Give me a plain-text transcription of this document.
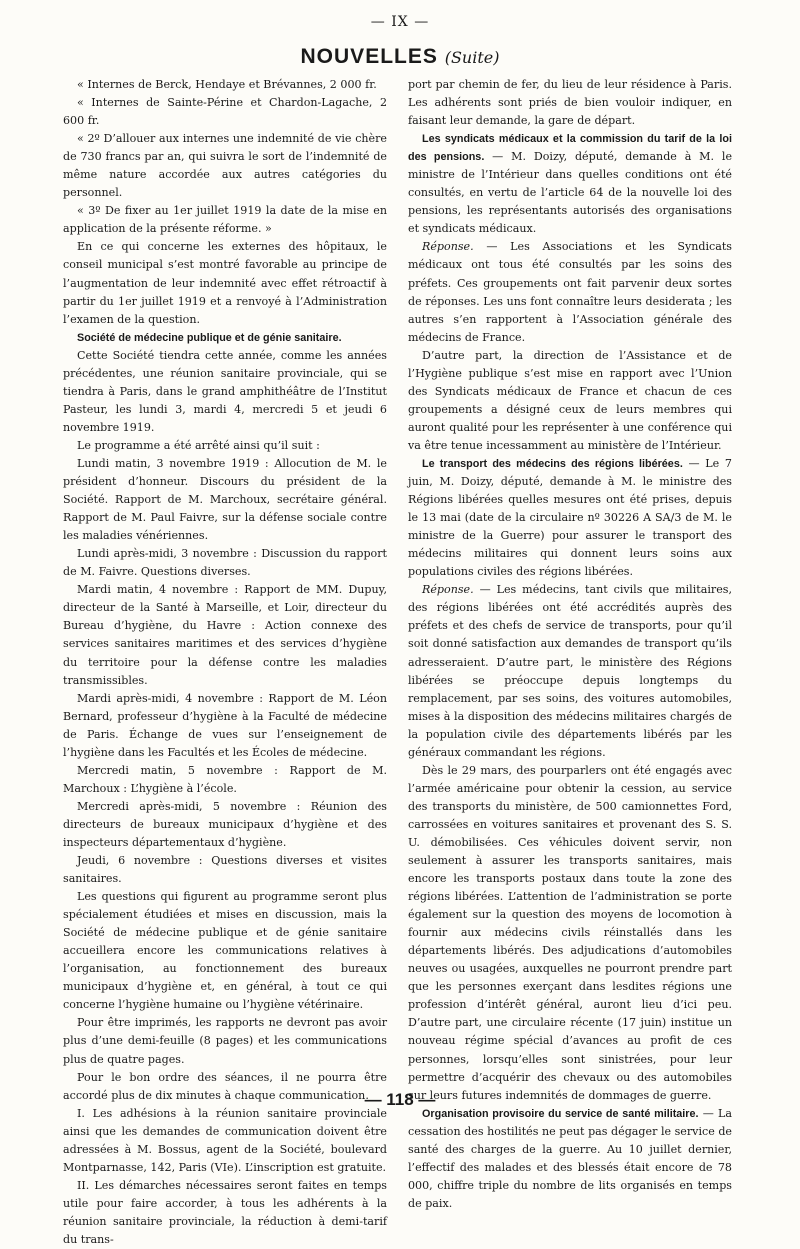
— IX —
NOUVELLES (Suite)

« Internes de Berck, Hendaye et Brévannes, 2 000 fr.

« Internes de Sainte-Périne et Chardon-Lagache, 2 600 fr.

« 2º D’allouer aux internes une indemnité de vie chère de 730 francs par an, qui suivra le sort de l’indemnité de même nature accordée aux autres catégories du personnel.

« 3º De fixer au 1er juillet 1919 la date de la mise en application de la présente réforme. »

En ce qui concerne les externes des hôpitaux, le conseil municipal s’est montré favorable au principe de l’augmentation de leur indemnité avec effet rétroactif à partir du 1er juillet 1919 et a renvoyé à l’Administration l’examen de la question.

Société de médecine publique et de génie sanitaire.

Cette Société tiendra cette année, comme les années précédentes, une réunion sanitaire provinciale, qui se tiendra à Paris, dans le grand amphithéâtre de l’Institut Pasteur, les lundi 3, mardi 4, mercredi 5 et jeudi 6 novembre 1919.

Le programme a été arrêté ainsi qu’il suit :

Lundi matin, 3 novembre 1919 : Allocution de M. le président d’honneur. Discours du président de la Société. Rapport de M. Marchoux, secrétaire général. Rapport de M. Paul Faivre, sur la défense sociale contre les maladies vénériennes.

Lundi après-midi, 3 novembre : Discussion du rapport de M. Faivre. Questions diverses.

Mardi matin, 4 novembre : Rapport de MM. Dupuy, directeur de la Santé à Marseille, et Loir, directeur du Bureau d’hygiène, du Havre : Action connexe des services sanitaires maritimes et des services d’hygiène du territoire pour la défense contre les maladies transmissibles.

Mardi après-midi, 4 novembre : Rapport de M. Léon Bernard, professeur d’hygiène à la Faculté de médecine de Paris. Échange de vues sur l’enseignement de l’hygiène dans les Facultés et les Écoles de médecine.

Mercredi matin, 5 novembre : Rapport de M. Marchoux : L’hygiène à l’école.

Mercredi après-midi, 5 novembre : Réunion des directeurs de bureaux municipaux d’hygiène et des inspecteurs départementaux d’hygiène.

Jeudi, 6 novembre : Questions diverses et visites sanitaires.

Les questions qui figurent au programme seront plus spécialement étudiées et mises en discussion, mais la Société de médecine publique et de génie sanitaire accueillera encore les communications relatives à l’organisation, au fonctionnement des bureaux municipaux d’hygiène et, en général, à tout ce qui concerne l’hygiène humaine ou l’hygiène vétérinaire.

Pour être imprimés, les rapports ne devront pas avoir plus d’une demi-feuille (8 pages) et les communications plus de quatre pages.

Pour le bon ordre des séances, il ne pourra être accordé plus de dix minutes à chaque communication.

I. Les adhésions à la réunion sanitaire provinciale ainsi que les demandes de communication doivent être adressées à M. Bossus, agent de la Société, boulevard Montparnasse, 142, Paris (VIe). L’inscription est gratuite.

II. Les démarches nécessaires seront faites en temps utile pour faire accorder, à tous les adhérents à la réunion sanitaire provinciale, la réduction à demi-tarif du trans-

port par chemin de fer, du lieu de leur résidence à Paris. Les adhérents sont priés de bien vouloir indiquer, en faisant leur demande, la gare de départ.

Les syndicats médicaux et la commission du tarif de la loi des pensions. — M. Doizy, député, demande à M. le ministre de l’Intérieur dans quelles conditions ont été consultés, en vertu de l’article 64 de la nouvelle loi des pensions, les représentants autorisés des organisations et syndicats médicaux.

Réponse. — Les Associations et les Syndicats médicaux ont tous été consultés par les soins des préfets. Ces groupements ont fait parvenir deux sortes de réponses. Les uns font connaître leurs desiderata ; les autres s’en rapportent à l’Association générale des médecins de France.

D’autre part, la direction de l’Assistance et de l’Hygiène publique s’est mise en rapport avec l’Union des Syndicats médicaux de France et chacun de ces groupements a désigné ceux de leurs membres qui auront qualité pour les représenter à une conférence qui va être tenue incessamment au ministère de l’Intérieur.

Le transport des médecins des régions libérées. — Le 7 juin, M. Doizy, député, demande à M. le ministre des Régions libérées quelles mesures ont été prises, depuis le 13 mai (date de la circulaire nº 30226 A SA/3 de M. le ministre de la Guerre) pour assurer le transport des médecins militaires qui donnent leurs soins aux populations civiles des régions libérées.

Réponse. — Les médecins, tant civils que militaires, des régions libérées ont été accrédités auprès des préfets et des chefs de service de transports, pour qu’il soit donné satisfaction aux demandes de transport qu’ils adresseraient. D’autre part, le ministère des Régions libérées se préoccupe depuis longtemps du remplacement, par ses soins, des voitures automobiles, mises à la disposition des médecins militaires chargés de la population civile des départements libérés par les généraux commandant les régions.

Dès le 29 mars, des pourparlers ont été engagés avec l’armée américaine pour obtenir la cession, au service des transports du ministère, de 500 camionnettes Ford, carrossées en voitures sanitaires et provenant des S. S. U. démobilisées. Ces véhicules doivent servir, non seulement à assurer les transports sanitaires, mais encore les transports postaux dans toute la zone des régions libérées. L’attention de l’administration se porte également sur la question des moyens de locomotion à fournir aux médecins civils réinstallés dans les départements libérés. Des adjudications d’automobiles neuves ou usagées, auxquelles ne pourront prendre part que les personnes exerçant dans lesdites régions une profession d’intérêt général, auront lieu d’ici peu. D’autre part, une circulaire récente (17 juin) institue un nouveau régime spécial d’avances au profit de ces personnes, lorsqu’elles sont sinistrées, pour leur permettre d’acquérir des chevaux ou des automobiles sur leurs futures indemnités de dommages de guerre.

Organisation provisoire du service de santé militaire. — La cessation des hostilités ne peut pas dégager le service de santé des charges de la guerre. Au 10 juillet dernier, l’effectif des malades et des blessés était encore de 78 000, chiffre triple du nombre de lits organisés en temps de paix.

— 118 —
